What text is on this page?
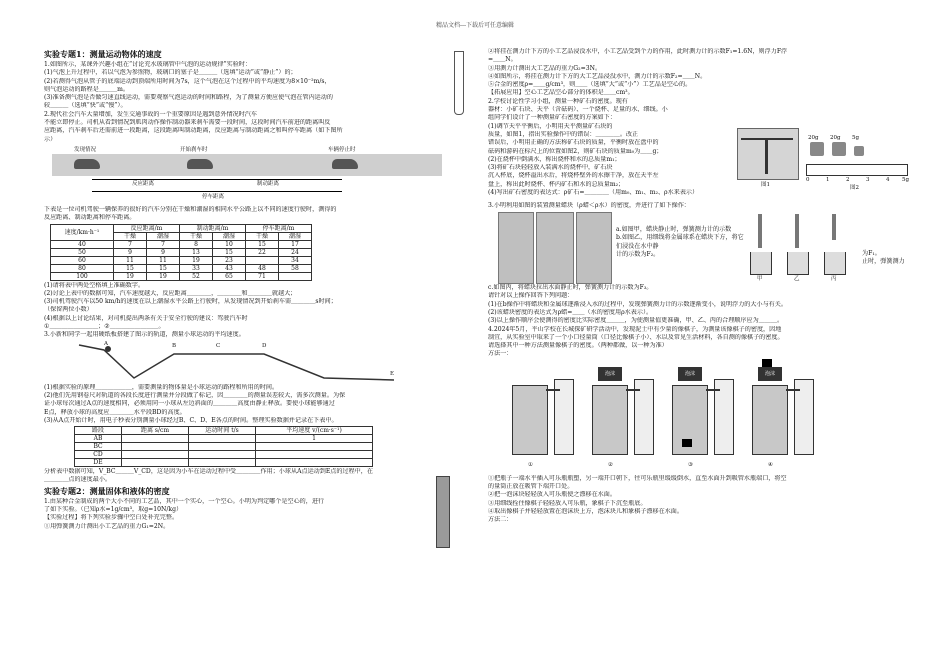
精品文档---下载后可任意编辑
实验专题1：测量运动物体的速度

1.如图所示，某课外兴趣小组在“讨论充水玻璃管中气泡的运动规律”实验时：

(1)气泡上升过程中，若以气泡为参照物，玻璃口的塞子是＿＿＿（选填“运动”或“静止”）的；

(2)若测得气泡从管子的底端运动到顶端所用时间为7s，这个气泡在这个过程中的平均速度为8×10⁻²m/s，

则气泡运动的路程是＿＿＿m。

(3)准备测气泡是否做匀速直线运动，需要观察气泡运动的时间和路程，为了测量方便应使气泡在管内运动的

较＿＿＿（选填“快”或“慢”）。

2.现代社会汽车大量增加，发生交通事故的一个重要原因是遇到意外情况时汽车

不能立即停止。司机从看到情况到肌肉动作操作制动器来刹车需要一段时间，这段时间汽车前进的距离叫反

应距离，汽车刹车后还需前进一段距离，这段距离叫制动距离，反应距离与制动距离之和叫停车距离（如下图所

示）

发现情况	开始刹车时	车辆停止时
反应距离	制动距离
停车距离

下表是一位司机驾驶一辆保养的很好的汽车分别在干燥和潮湿的相同水平公路上以不同的速度行驶时，测得的

反应距离、制动距离和停车距离。

速度/km·h⁻¹	反应距离/m		制动距离/m		停车距离/m	
	干燥	潮湿	干燥	潮湿	干燥	潮湿
40	7	7	8	10	15	17
50	9	9	13	15	22	24
60	11	11	19	23		34
80	15	15	33	43	48	58
100	19	19	52	65	71	

(1)请将表中两处空格填上准确数字。

(2)讨论上表中的数据可知，汽车速度越大，反应距离＿＿＿＿，＿＿＿＿和＿＿＿＿就越大；

(3)司机驾驶汽车以50 km/h的速度在以上潮湿水平公路上行驶时，从发现情况到开始刹车需＿＿＿＿s时间；

（保留两位小数）

(4)根据以上讨论结果，对司机提出两条有关于安全行驶的建议：驾驶汽车时

①＿＿＿＿＿＿＿＿；②＿＿＿＿＿＿＿＿。

3.小新和同学一起用硬纸板搭建了图示的轨道，测量小球运动的平均速度。

A	B	C	D
E

(1)根据实验的原理＿＿＿＿＿＿，需要测量的物体量是小球运动的路程和所用的时间。

(2)他们先用钢卷尺对轨道的各段长度进行测量并分段做了标记，因＿＿＿＿的测量误差较大，需多次测量。为保

证小球每次通过A点的速度相同，必须用同一小球从左边斜面的＿＿＿＿高度由静止释放。要使小球能够通过

E点，释放小球的高度应＿＿＿＿水平段BD的高度。

(3)从A点开始计时，用电子秒表分别测量小球经过B、C、D、E各点的时间。整理实验数据并记录在下表中。

路段	距离 s/cm	运动时间 t/s	平均速度 v/(cm·s⁻¹)
AB			1
BC			
CD			
DE			

分析表中数据可知，V_BC＿＿＿V_CD，这是因为小车在运动过程中受＿＿＿＿作用；小球从A点运动到E点的过程中，在

＿＿＿＿点的速度最小。

实验专题2：测量固体和液体的密度

1.由某种合金制成的两个大小不同的工艺品，其中一个实心，一个空心。小明为判定哪个是空心的，进行

了如下实验。（已知ρ水=1g/cm³，取g=10N/kg）

【实验过程】将下列实验步骤中空白处补充完整。

①用弹簧测力计测出小工艺品的重力G₁=2N。

②将挂在测力计下方的小工艺品浸没水中，小工艺品受到个力的作用，此时测力计的示数F₁=1.6N，则浮力F浮

=＿＿N。

③用测力计测出大工艺品的重力G₂=3N。

④如图所示，将挂在测力计下方的大工艺品浸没水中，测力计的示数F₂=＿＿N。

⑤合金的密度ρ=＿＿g/cm³，则＿＿（选填“大”或“小”）工艺品是空心的。

【拓展应用】空心工艺品空心部分的体积是＿＿cm³。

2.学校讨论性学习小组，测量一种矿石的密度。现有

器材：小矿石块、天平（含砝码）、一个烧杯、足量的水、细线。小

组同学们设计了一种测量矿石密度的方案如下：

(1)调节天平平衡后，小明用天平测量矿石块的

质量，如图1，指出实验操作中的错误：＿＿＿＿。改正

错误后，小明用正确的方法称矿石块的质量，平衡时放在盘中的

砝码和游码在标尺上的位置如图2，则矿石块的质量m₀为＿＿g；

(2)在烧杯中倒满水，称出烧杯和水的总质量m₁；

(3)将矿石块轻轻放入装满水的烧杯中，矿石块

沉入杯底，烧杯溢出水后，将烧杯壁外的水擦干净，放在天平左

盘上，称出此时烧杯、杯内矿石和水的总质量m₂；

(4)写出矿石密度的表达式：ρ矿石=＿＿＿＿（用m₀、m₁、m₂、ρ水来表示）

图1
20g 20g 5g
0	1	2	3	4 5g
图2

3.小明利用如图的装置测量蜡块（ρ蜡＜ρ水）的密度，并进行了如下操作：

a.如图甲，蜡块静止时，弹簧测力计的示数

b.如图乙，用细线将金属球系在蜡块下方，将它们浸没在水中静

计的示数为F₂。

甲	乙	丙

为F₁。

止时，弹簧测力

c.如图丙，将蜡块拉出水面静止时，弹簧测力计的示数为F₃。

请针对以上操作回答下列问题：

(1)在b操作中将蜡块和金属球逐渐浸入水的过程中，发现弹簧测力计的示数逐渐变小，说明浮力的大小与有关。

(2)该蜡块密度的表达式为ρ蜡=＿＿（水的密度用ρ水表示）。

(3)以上操作顺序会使测得的密度比实际密度＿＿＿，为使测量值更准确，甲、乙、丙的合理顺序应为＿＿＿。

4.2024年5月，平山学校在长城探矿研学活动中，发现泥土中有少量的像棋子，为测量该像棋子的密度，因地

制宜，从实验室中取来了一个小口径量筒（口径比像棋子小）、水以及常见生活材料，各自测的像棋子的密度。

请选择其中一种方法测量像棋子的密度。（两种都做，以一种为准）

方法一：

①
泡沫
②
泡沫
③
泡沫
④

①把瓶子一端水平插入可乐瓶瓶塑，另一端开口朝下，往可乐瓶里缓缓倒水，直至水面升到吸管水瓶端口，将空

的量筒正放在吸管下端开口处。

②把一泡沫块轻轻放入可乐瓶使之漂移在水面。

③用细线拴住像棋子轻轻放入可乐瓶，象棋子下沉至瓶底。

④取出像棋子并轻轻放置在泡沫块上方，泡沫块儿和象棋子漂移在水面。

方法二：
